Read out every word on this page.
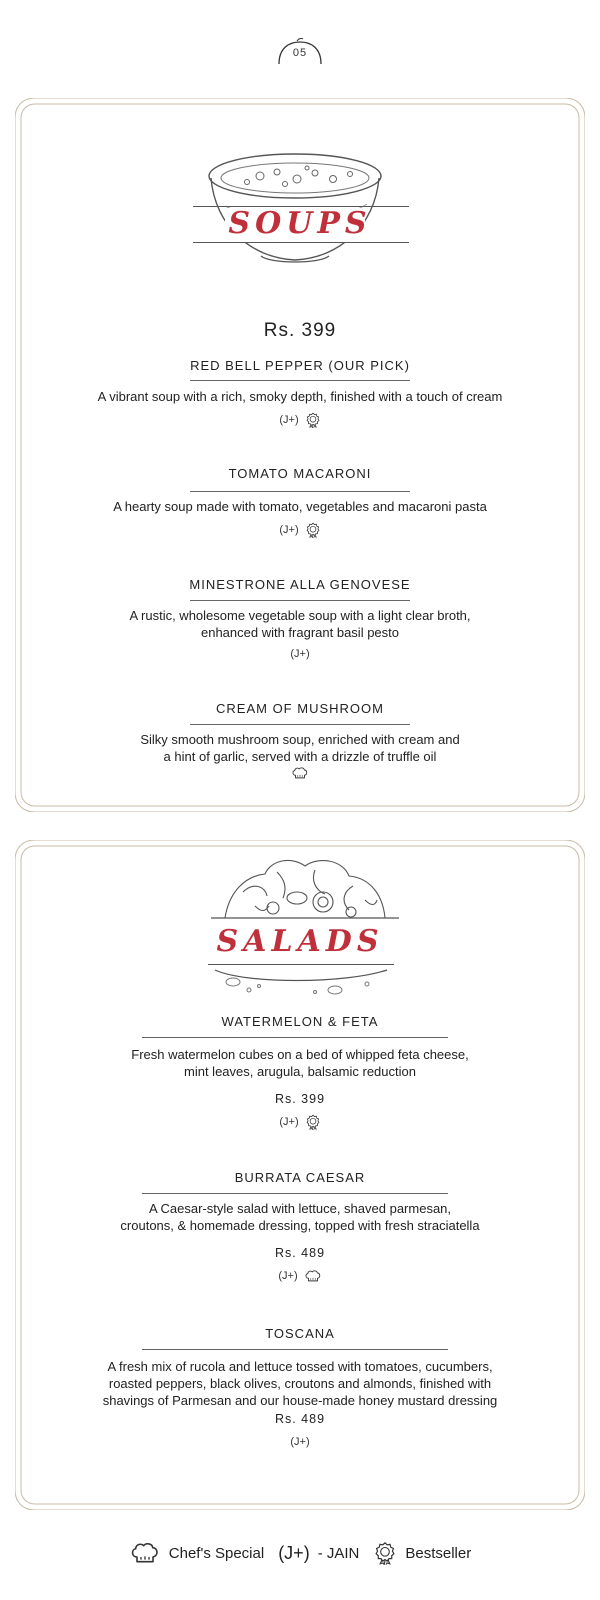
05
SOUPS
Rs. 399
RED BELL PEPPER (OUR PICK)
A vibrant soup with a rich, smoky depth, finished with a touch of cream
(J+)
TOMATO MACARONI
A hearty soup made with tomato, vegetables and macaroni pasta
(J+)
MINESTRONE ALLA GENOVESE
A rustic, wholesome vegetable soup with a light clear broth,
enhanced with fragrant basil pesto
(J+)
CREAM OF MUSHROOM
Silky smooth mushroom soup, enriched with cream and
a hint of garlic, served with a drizzle of truffle oil
SALADS
WATERMELON & FETA
Fresh watermelon cubes on a bed of whipped feta cheese,
mint leaves, arugula, balsamic reduction
Rs. 399
(J+)
BURRATA CAESAR
A Caesar-style salad with lettuce, shaved parmesan,
croutons, & homemade dressing, topped with fresh straciatella
Rs. 489
(J+)
TOSCANA
A fresh mix of rucola and lettuce tossed with tomatoes, cucumbers,
roasted peppers, black olives, croutons and almonds, finished with
shavings of Parmesan and our house-made honey mustard dressing
Rs. 489
(J+)
Chef's Special (J+) - JAIN	Bestseller
